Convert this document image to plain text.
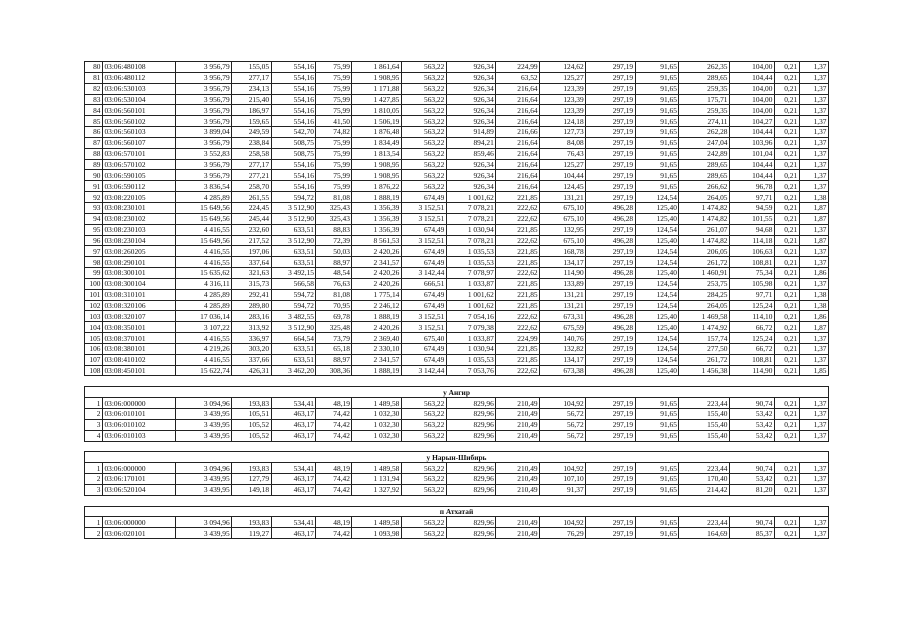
80	03:06:480108	3 956,79	155,05	554,16	75,99	1 861,64	563,22	926,34	224,99	124,62	297,19	91,65	262,35	104,00	0,21	1,37
81	03:06:480112	3 956,79	277,17	554,16	75,99	1 908,95	563,22	926,34	63,52	125,27	297,19	91,65	289,65	104,44	0,21	1,37
82	03:06:530103	3 956,79	234,13	554,16	75,99	1 171,88	563,22	926,34	216,64	123,39	297,19	91,65	259,35	104,00	0,21	1,37
83	03:06:530104	3 956,79	215,40	554,16	75,99	1 427,85	563,22	926,34	216,64	123,39	297,19	91,65	175,71	104,00	0,21	1,37
84	03:06:560101	3 956,79	186,97	554,16	75,99	1 810,05	563,22	926,34	216,64	123,39	297,19	91,65	259,35	104,00	0,21	1,37
85	03:06:560102	3 956,79	159,65	554,16	41,50	1 506,19	563,22	926,34	216,64	124,18	297,19	91,65	274,11	104,27	0,21	1,37
86	03:06:560103	3 899,04	249,59	542,70	74,82	1 876,48	563,22	914,89	216,66	127,73	297,19	91,65	262,28	104,44	0,21	1,37
87	03:06:560107	3 956,79	238,84	508,75	75,99	1 834,49	563,22	894,21	216,64	84,08	297,19	91,65	247,04	103,96	0,21	1,37
88	03:06:570101	3 552,83	258,58	508,75	75,99	1 813,54	563,22	859,46	216,64	76,43	297,19	91,65	242,89	101,04	0,21	1,37
89	03:06:570102	3 956,79	277,17	554,16	75,99	1 908,95	563,22	926,34	216,64	125,27	297,19	91,65	289,65	104,44	0,21	1,37
90	03:06:590105	3 956,79	277,21	554,16	75,99	1 908,95	563,22	926,34	216,64	104,44	297,19	91,65	289,65	104,44	0,21	1,37
91	03:06:590112	3 836,54	258,70	554,16	75,99	1 876,22	563,22	926,34	216,64	124,45	297,19	91,65	266,62	96,78	0,21	1,37
92	03:08:220105	4 285,89	261,55	594,72	81,08	1 888,19	674,49	1 001,62	221,85	131,21	297,19	124,54	264,05	97,71	0,21	1,38
93	03:08:230101	15 649,56	224,45	3 512,90	325,43	1 356,39	3 152,51	7 078,21	222,62	675,10	496,28	125,40	1 474,82	94,59	0,21	1,87
94	03:08:230102	15 649,56	245,44	3 512,90	325,43	1 356,39	3 152,51	7 078,21	222,62	675,10	496,28	125,40	1 474,82	101,55	0,21	1,87
95	03:08:230103	4 416,55	232,60	633,51	88,83	1 356,39	674,49	1 030,94	221,85	132,95	297,19	124,54	261,07	94,68	0,21	1,37
96	03:08:230104	15 649,56	217,52	3 512,90	72,39	8 561,53	3 152,51	7 078,21	222,62	675,10	496,28	125,40	1 474,82	114,18	0,21	1,87
97	03:08:260205	4 416,55	197,06	633,51	50,03	2 420,26	674,49	1 035,53	221,85	168,78	297,19	124,54	206,05	106,63	0,21	1,37
98	03:08:290101	4 416,55	337,64	633,51	88,97	2 341,57	674,49	1 035,53	221,85	134,17	297,19	124,54	261,72	108,81	0,21	1,37
99	03:08:300101	15 635,62	321,63	3 492,15	48,54	2 420,26	3 142,44	7 078,97	222,62	114,90	496,28	125,40	1 460,91	75,34	0,21	1,86
100	03:08:300104	4 316,11	315,73	566,58	76,63	2 420,26	666,51	1 033,87	221,85	133,89	297,19	124,54	253,75	105,98	0,21	1,37
101	03:08:310101	4 285,89	292,41	594,72	81,08	1 775,14	674,49	1 001,62	221,85	131,21	297,19	124,54	284,25	97,71	0,21	1,38
102	03:08:320106	4 285,89	289,80	594,72	70,95	2 246,12	674,49	1 001,62	221,85	131,21	297,19	124,54	264,05	125,24	0,21	1,38
103	03:08:320107	17 036,14	283,16	3 482,55	69,78	1 888,19	3 152,51	7 054,16	222,62	673,31	496,28	125,40	1 469,58	114,10	0,21	1,86
104	03:08:350101	3 107,22	313,92	3 512,90	325,48	2 420,26	3 152,51	7 079,38	222,62	675,59	496,28	125,40	1 474,92	66,72	0,21	1,87
105	03:08:370101	4 416,55	336,97	664,54	73,79	2 369,40	675,40	1 033,87	224,99	140,76	297,19	124,54	157,74	125,24	0,21	1,37
106	03:08:380101	4 219,26	303,20	633,51	65,18	2 330,10	674,49	1 030,94	221,85	132,82	297,19	124,54	277,50	66,72	0,21	1,37
107	03:08:410102	4 416,55	337,66	633,51	88,97	2 341,57	674,49	1 035,53	221,85	134,17	297,19	124,54	261,72	108,81	0,21	1,37
108	03:08:450101	15 622,74	426,31	3 462,20	308,36	1 888,19	3 142,44	7 053,76	222,62	673,38	496,28	125,40	1 456,38	114,90	0,21	1,85

у Ангир																
1	03:06:000000	3 094,96	193,83	534,41	48,19	1 489,58	563,22	829,96	210,49	104,92	297,19	91,65	223,44	90,74	0,21	1,37
2	03:06:010101	3 439,95	105,51	463,17	74,42	1 032,30	563,22	829,96	210,49	56,72	297,19	91,65	155,40	53,42	0,21	1,37
3	03:06:010102	3 439,95	105,52	463,17	74,42	1 032,30	563,22	829,96	210,49	56,72	297,19	91,65	155,40	53,42	0,21	1,37
4	03:06:010103	3 439,95	105,52	463,17	74,42	1 032,30	563,22	829,96	210,49	56,72	297,19	91,65	155,40	53,42	0,21	1,37

у Нарын-Шибирь																
1	03:06:000000	3 094,96	193,83	534,41	48,19	1 489,58	563,22	829,96	210,49	104,92	297,19	91,65	223,44	90,74	0,21	1,37
2	03:06:170101	3 439,95	127,79	463,17	74,42	1 131,94	563,22	829,96	210,49	107,10	297,19	91,65	170,40	53,42	0,21	1,37
3	03:06:520104	3 439,95	149,18	463,17	74,42	1 327,92	563,22	829,96	210,49	91,37	297,19	91,65	214,42	81,20	0,21	1,37

п Атхатай																
1	03:06:000000	3 094,96	193,83	534,41	48,19	1 489,58	563,22	829,96	210,49	104,92	297,19	91,65	223,44	90,74	0,21	1,37
2	03:06:020101	3 439,95	119,27	463,17	74,42	1 093,98	563,22	829,96	210,49	76,29	297,19	91,65	164,69	85,37	0,21	1,37
